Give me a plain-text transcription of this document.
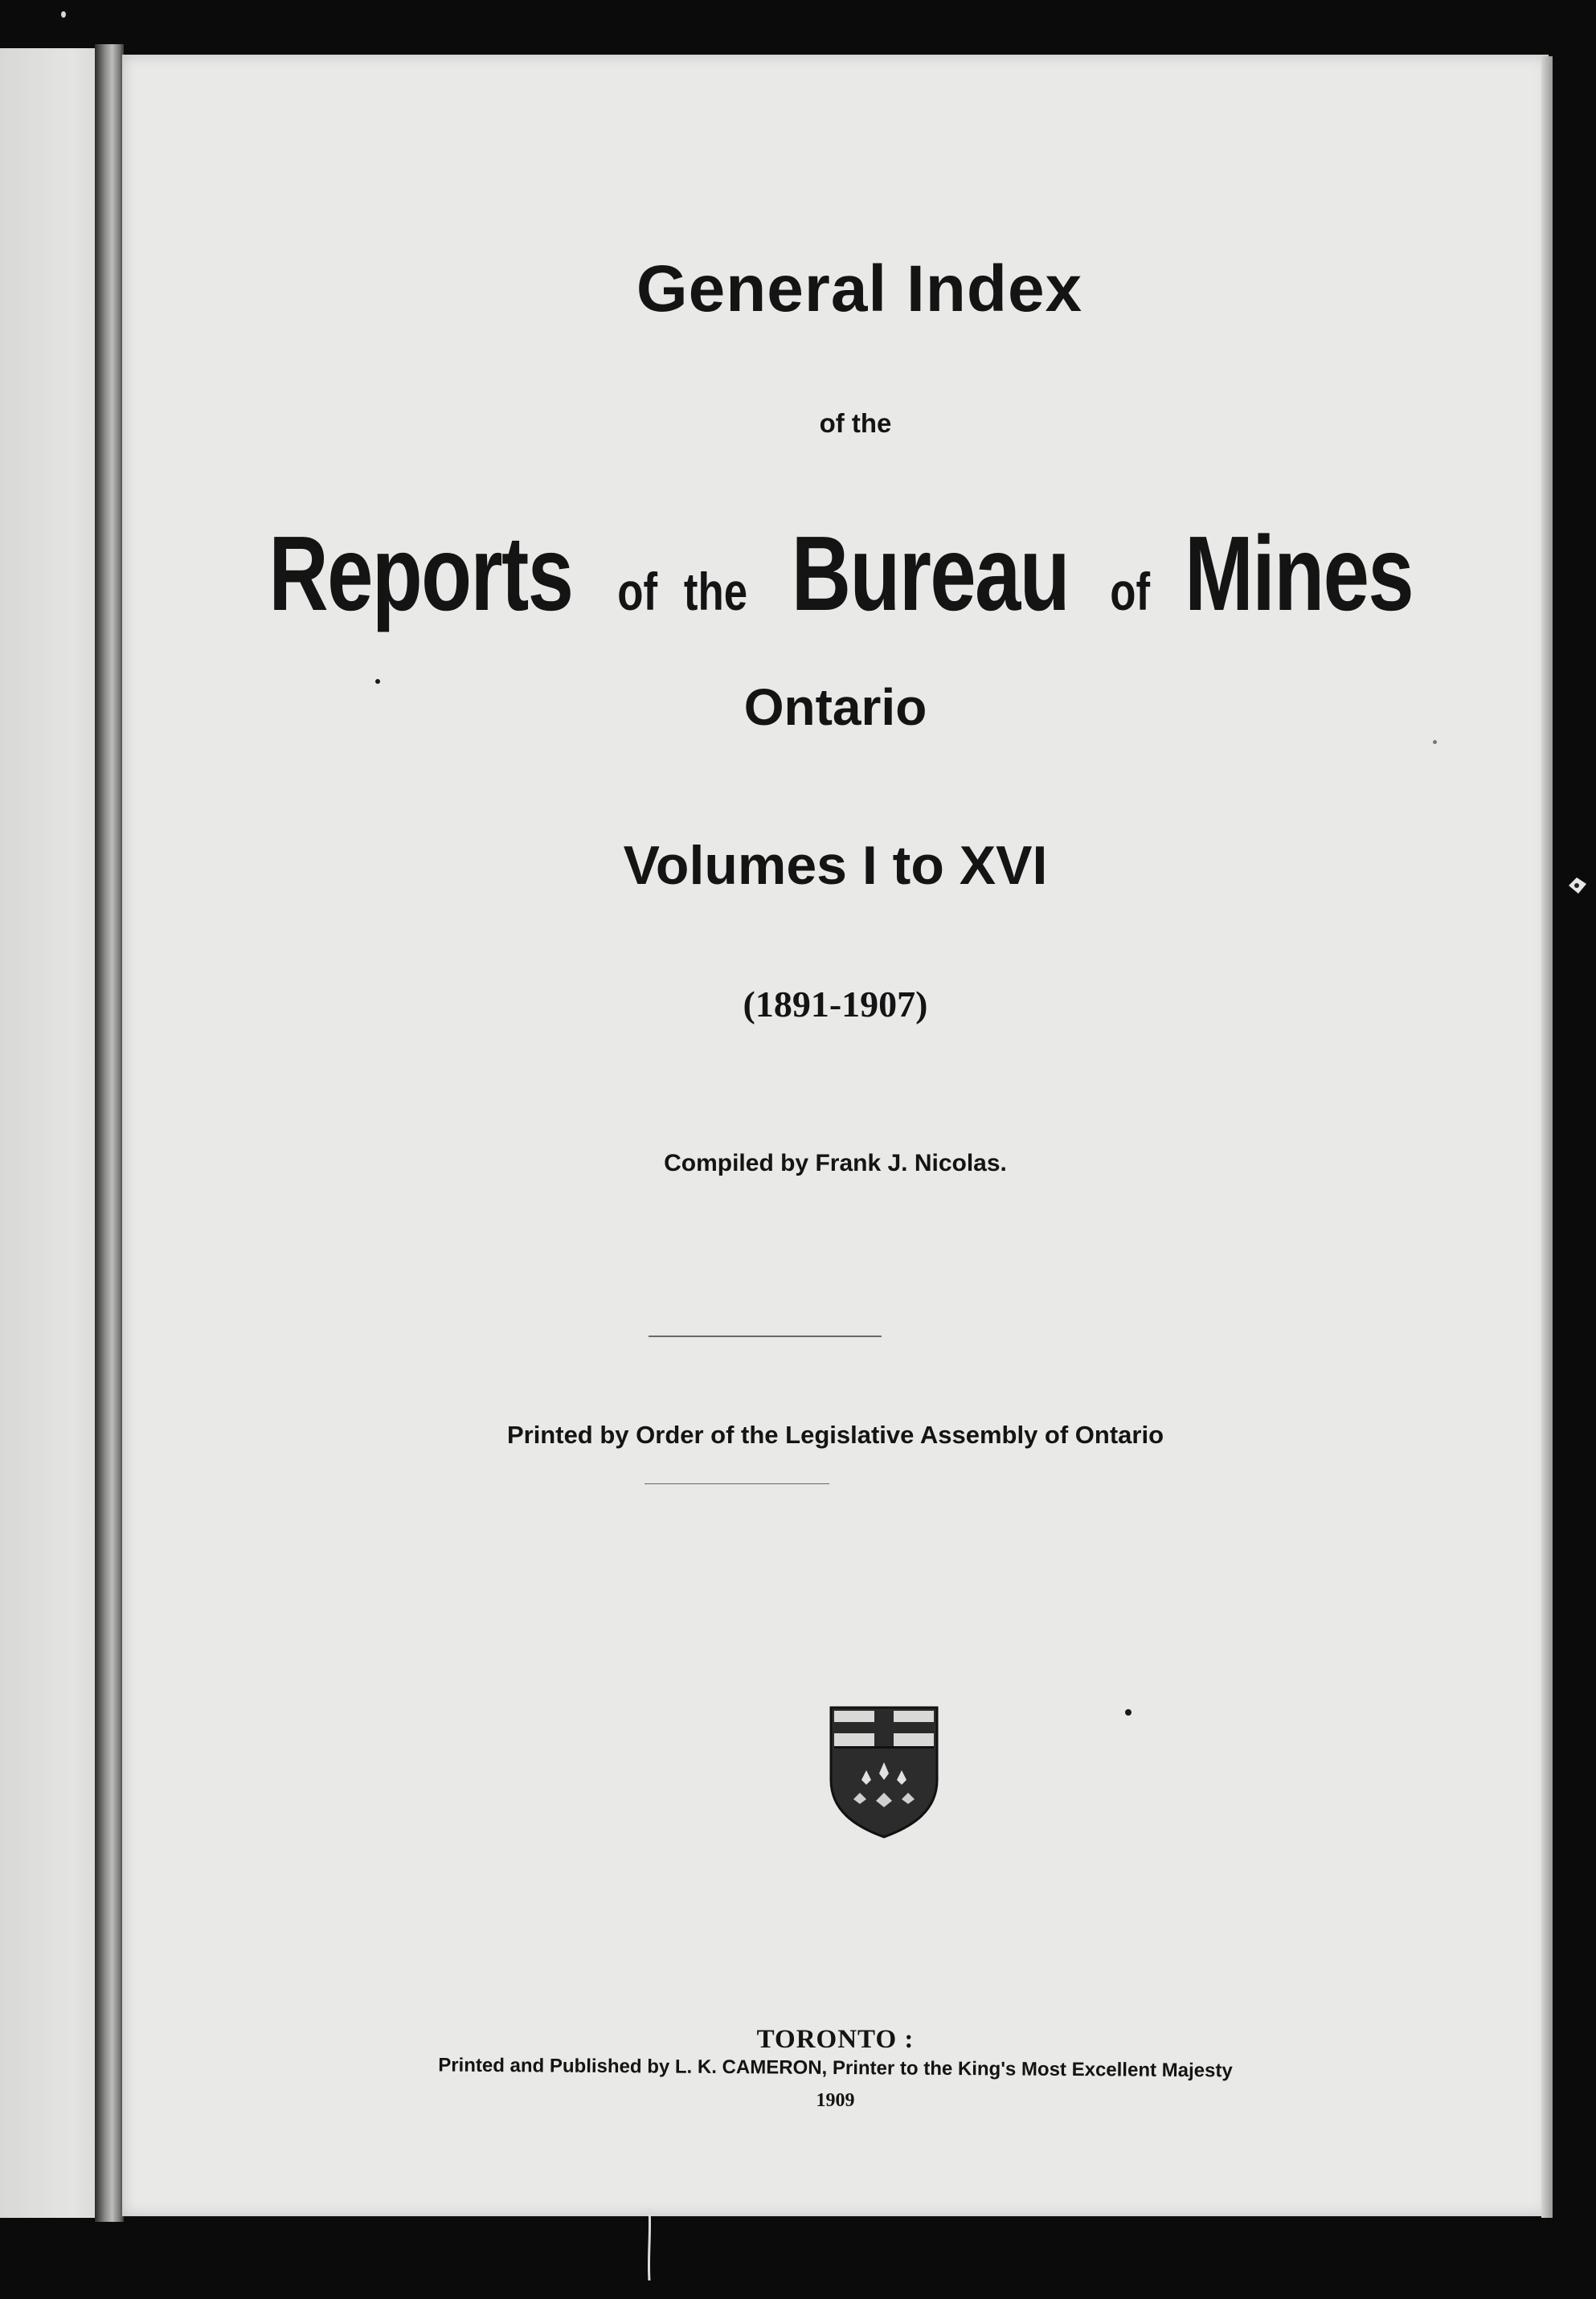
General Index
of the
Reports of the Bureau of Mines
Ontario
Volumes I to XVI
(1891-1907)
Compiled by Frank J. Nicolas.
Printed by Order of the Legislative Assembly of Ontario
TORONTO :
Printed and Published by L. K. CAMERON, Printer to the King's Most Excellent Majesty
1909
